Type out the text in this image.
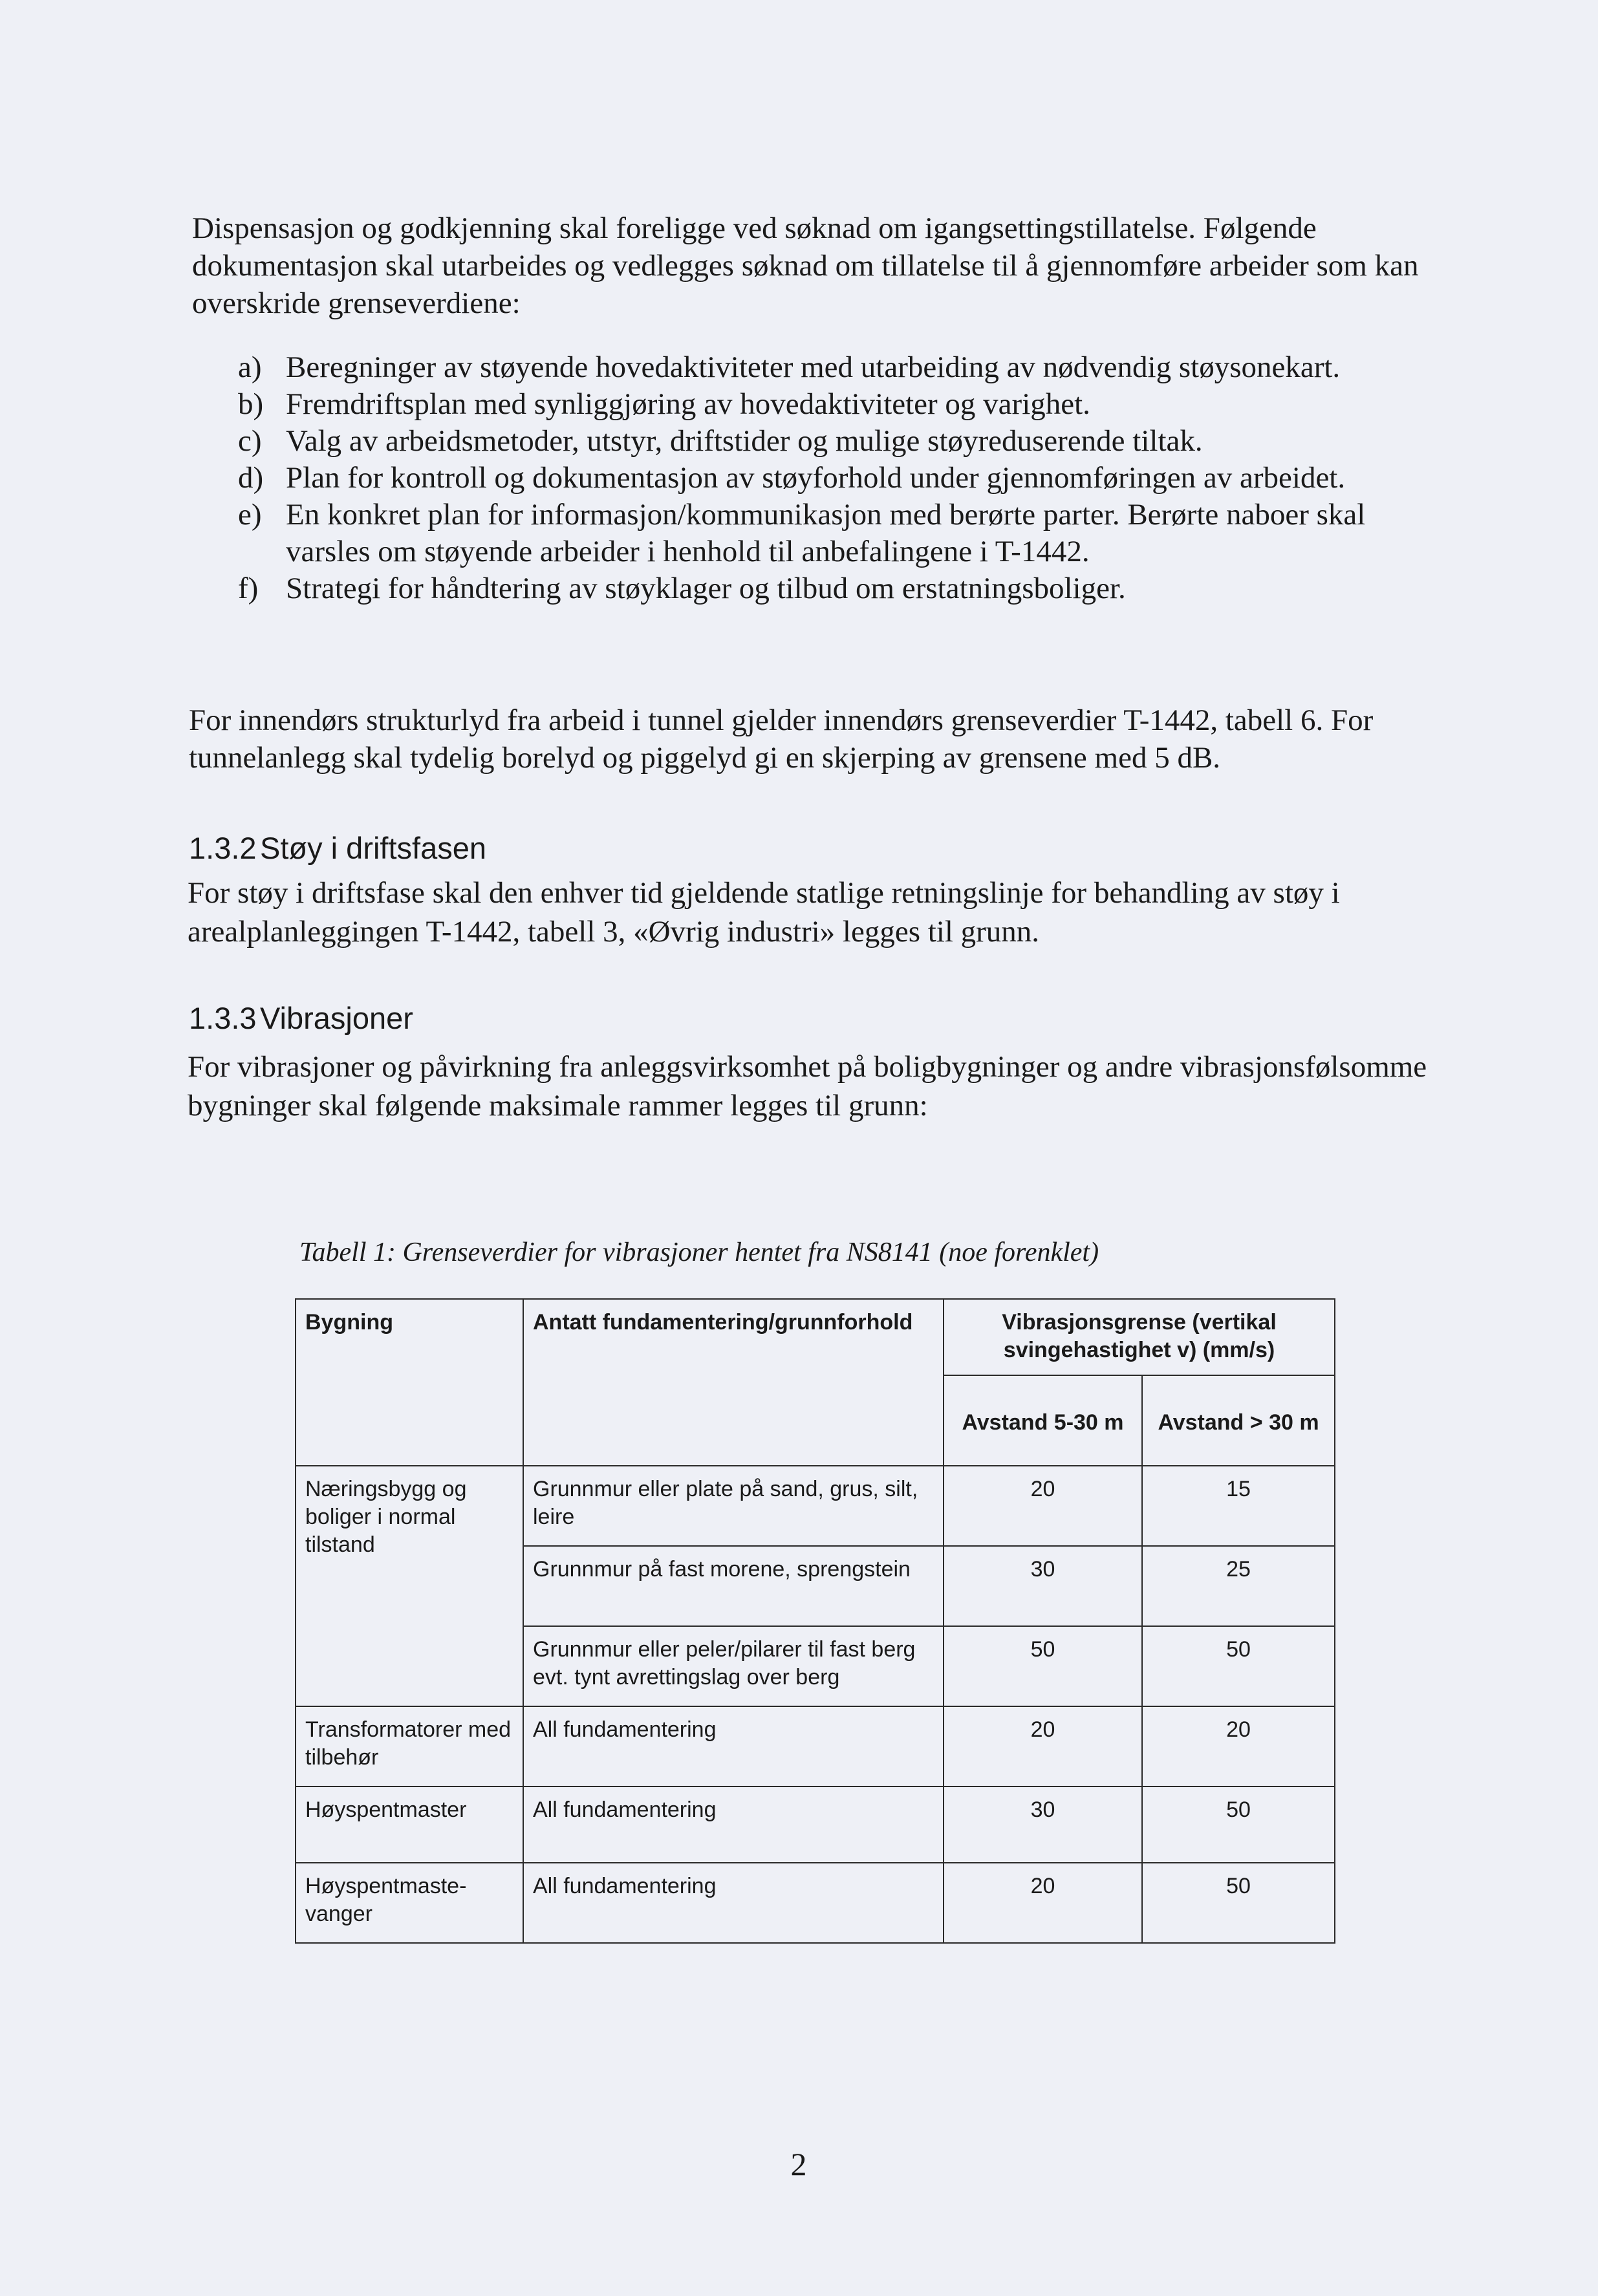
Dispensasjon og godkjenning skal foreligge ved søknad om igangsettingstillatelse. Følgende dokumentasjon skal utarbeides og vedlegges søknad om tillatelse til å gjennomføre arbeider som kan overskride grenseverdiene:

a) Beregninger av støyende hovedaktiviteter med utarbeiding av nødvendig støysonekart.
b) Fremdriftsplan med synliggjøring av hovedaktiviteter og varighet.
c) Valg av arbeidsmetoder, utstyr, driftstider og mulige støyreduserende tiltak.
d) Plan for kontroll og dokumentasjon av støyforhold under gjennomføringen av arbeidet.
e) En konkret plan for informasjon/kommunikasjon med berørte parter. Berørte naboer skal varsles om støyende arbeider i henhold til anbefalingene i T-1442.
f) Strategi for håndtering av støyklager og tilbud om erstatningsboliger.

For innendørs strukturlyd fra arbeid i tunnel gjelder innendørs grenseverdier T-1442, tabell 6. For tunnelanlegg skal tydelig borelyd og piggelyd gi en skjerping av grensene med 5 dB.

1.3.2 Støy i driftsfasen

For støy i driftsfase skal den enhver tid gjeldende statlige retningslinje for behandling av støy i arealplanleggingen T-1442, tabell 3, «Øvrig industri» legges til grunn.

1.3.3 Vibrasjoner

For vibrasjoner og påvirkning fra anleggsvirksomhet på boligbygninger og andre vibrasjonsfølsomme bygninger skal følgende maksimale rammer legges til grunn:

Tabell 1: Grenseverdier for vibrasjoner hentet fra NS8141 (noe forenklet)

Bygning	Antatt fundamentering/grunnforhold	Vibrasjonsgrense (vertikal svingehastighet v) (mm/s)	
		Avstand 5-30 m	Avstand > 30 m
Næringsbygg og boliger i normal tilstand	Grunnmur eller plate på sand, grus, silt, leire	20	15
	Grunnmur på fast morene, sprengstein	30	25
	Grunnmur eller peler/pilarer til fast berg evt. tynt avrettingslag over berg	50	50
Transformatorer med tilbehør	All fundamentering	20	20
Høyspentmaster	All fundamentering	30	50
Høyspentmaste-vanger	All fundamentering	20	50
2
